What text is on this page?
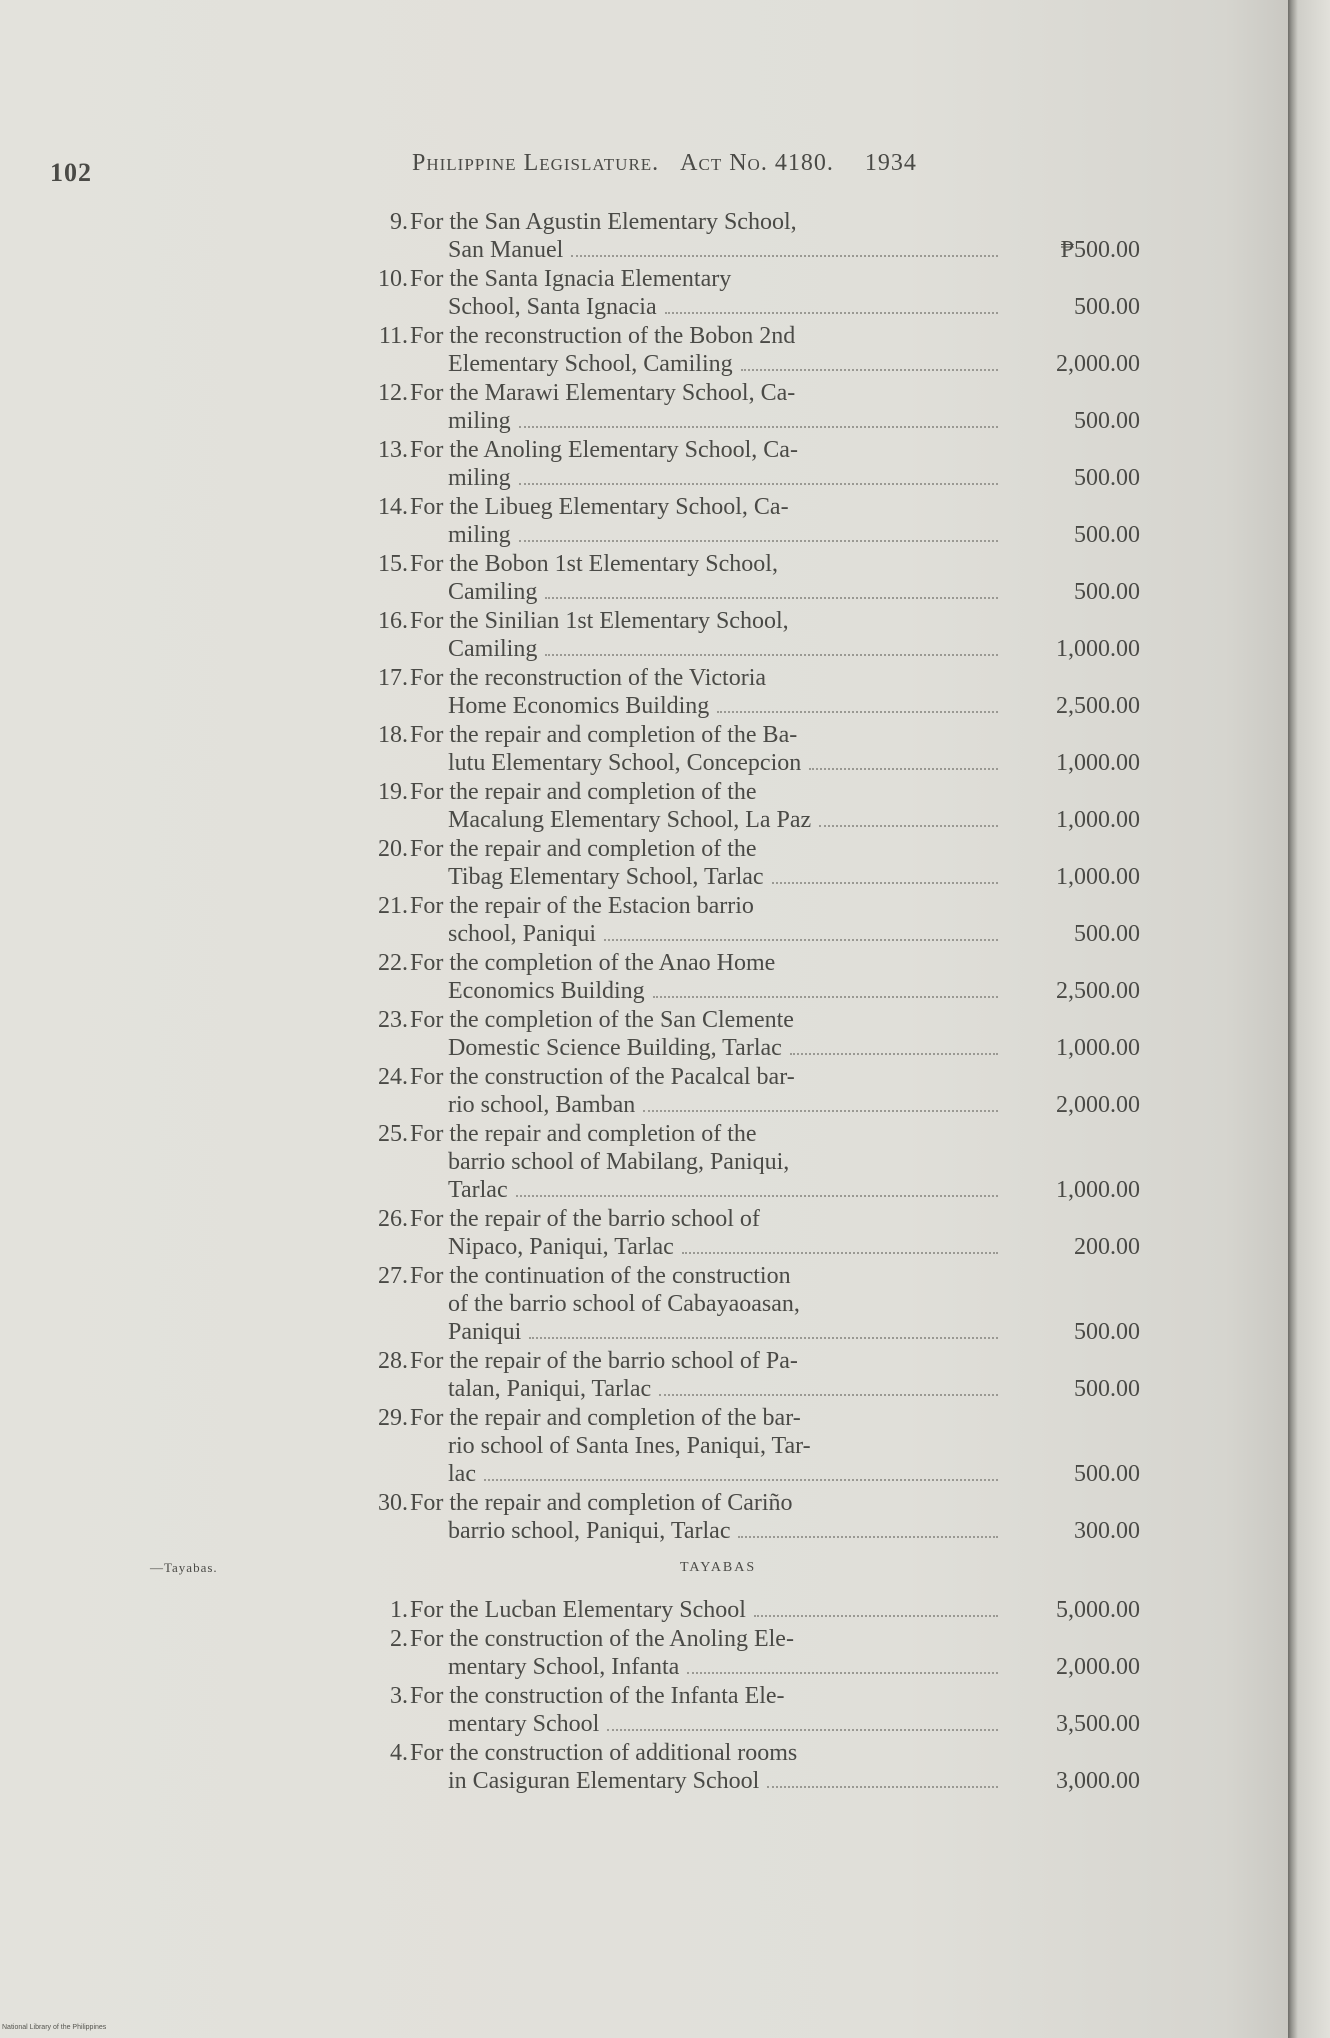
102	Philippine Legislature. Act No. 4180. 1934
9. For the San Agustin Elementary School,
San Manuel	₱500.00
10. For the Santa Ignacia Elementary
School, Santa Ignacia	500.00
11. For the reconstruction of the Bobon 2nd
Elementary School, Camiling	2,000.00
12. For the Marawi Elementary School, Ca-
miling	500.00
13. For the Anoling Elementary School, Ca-
miling	500.00
14. For the Libueg Elementary School, Ca-
miling	500.00
15. For the Bobon 1st Elementary School,
Camiling	500.00
16. For the Sinilian 1st Elementary School,
Camiling	1,000.00
17. For the reconstruction of the Victoria
Home Economics Building	2,500.00
18. For the repair and completion of the Ba-
lutu Elementary School, Concepcion	1,000.00
19. For the repair and completion of the
Macalung Elementary School, La Paz	1,000.00
20. For the repair and completion of the
Tibag Elementary School, Tarlac	1,000.00
21. For the repair of the Estacion barrio
school, Paniqui	500.00
22. For the completion of the Anao Home
Economics Building	2,500.00
23. For the completion of the San Clemente
Domestic Science Building, Tarlac	1,000.00
24. For the construction of the Pacalcal bar-
rio school, Bamban	2,000.00
25. For the repair and completion of the
barrio school of Mabilang, Paniqui,
Tarlac	1,000.00
26. For the repair of the barrio school of
Nipaco, Paniqui, Tarlac	200.00
27. For the continuation of the construction
of the barrio school of Cabayaoasan,
Paniqui	500.00
28. For the repair of the barrio school of Pa-
talan, Paniqui, Tarlac	500.00
29. For the repair and completion of the bar-
rio school of Santa Ines, Paniqui, Tar-
lac	500.00
30. For the repair and completion of Cariño
barrio school, Paniqui, Tarlac	300.00
—Tayabas.	TAYABAS
1. For the Lucban Elementary School	5,000.00
2. For the construction of the Anoling Ele-
mentary School, Infanta	2,000.00
3. For the construction of the Infanta Ele-
mentary School	3,500.00
4. For the construction of additional rooms
in Casiguran Elementary School	3,000.00
National Library of the Philippines
